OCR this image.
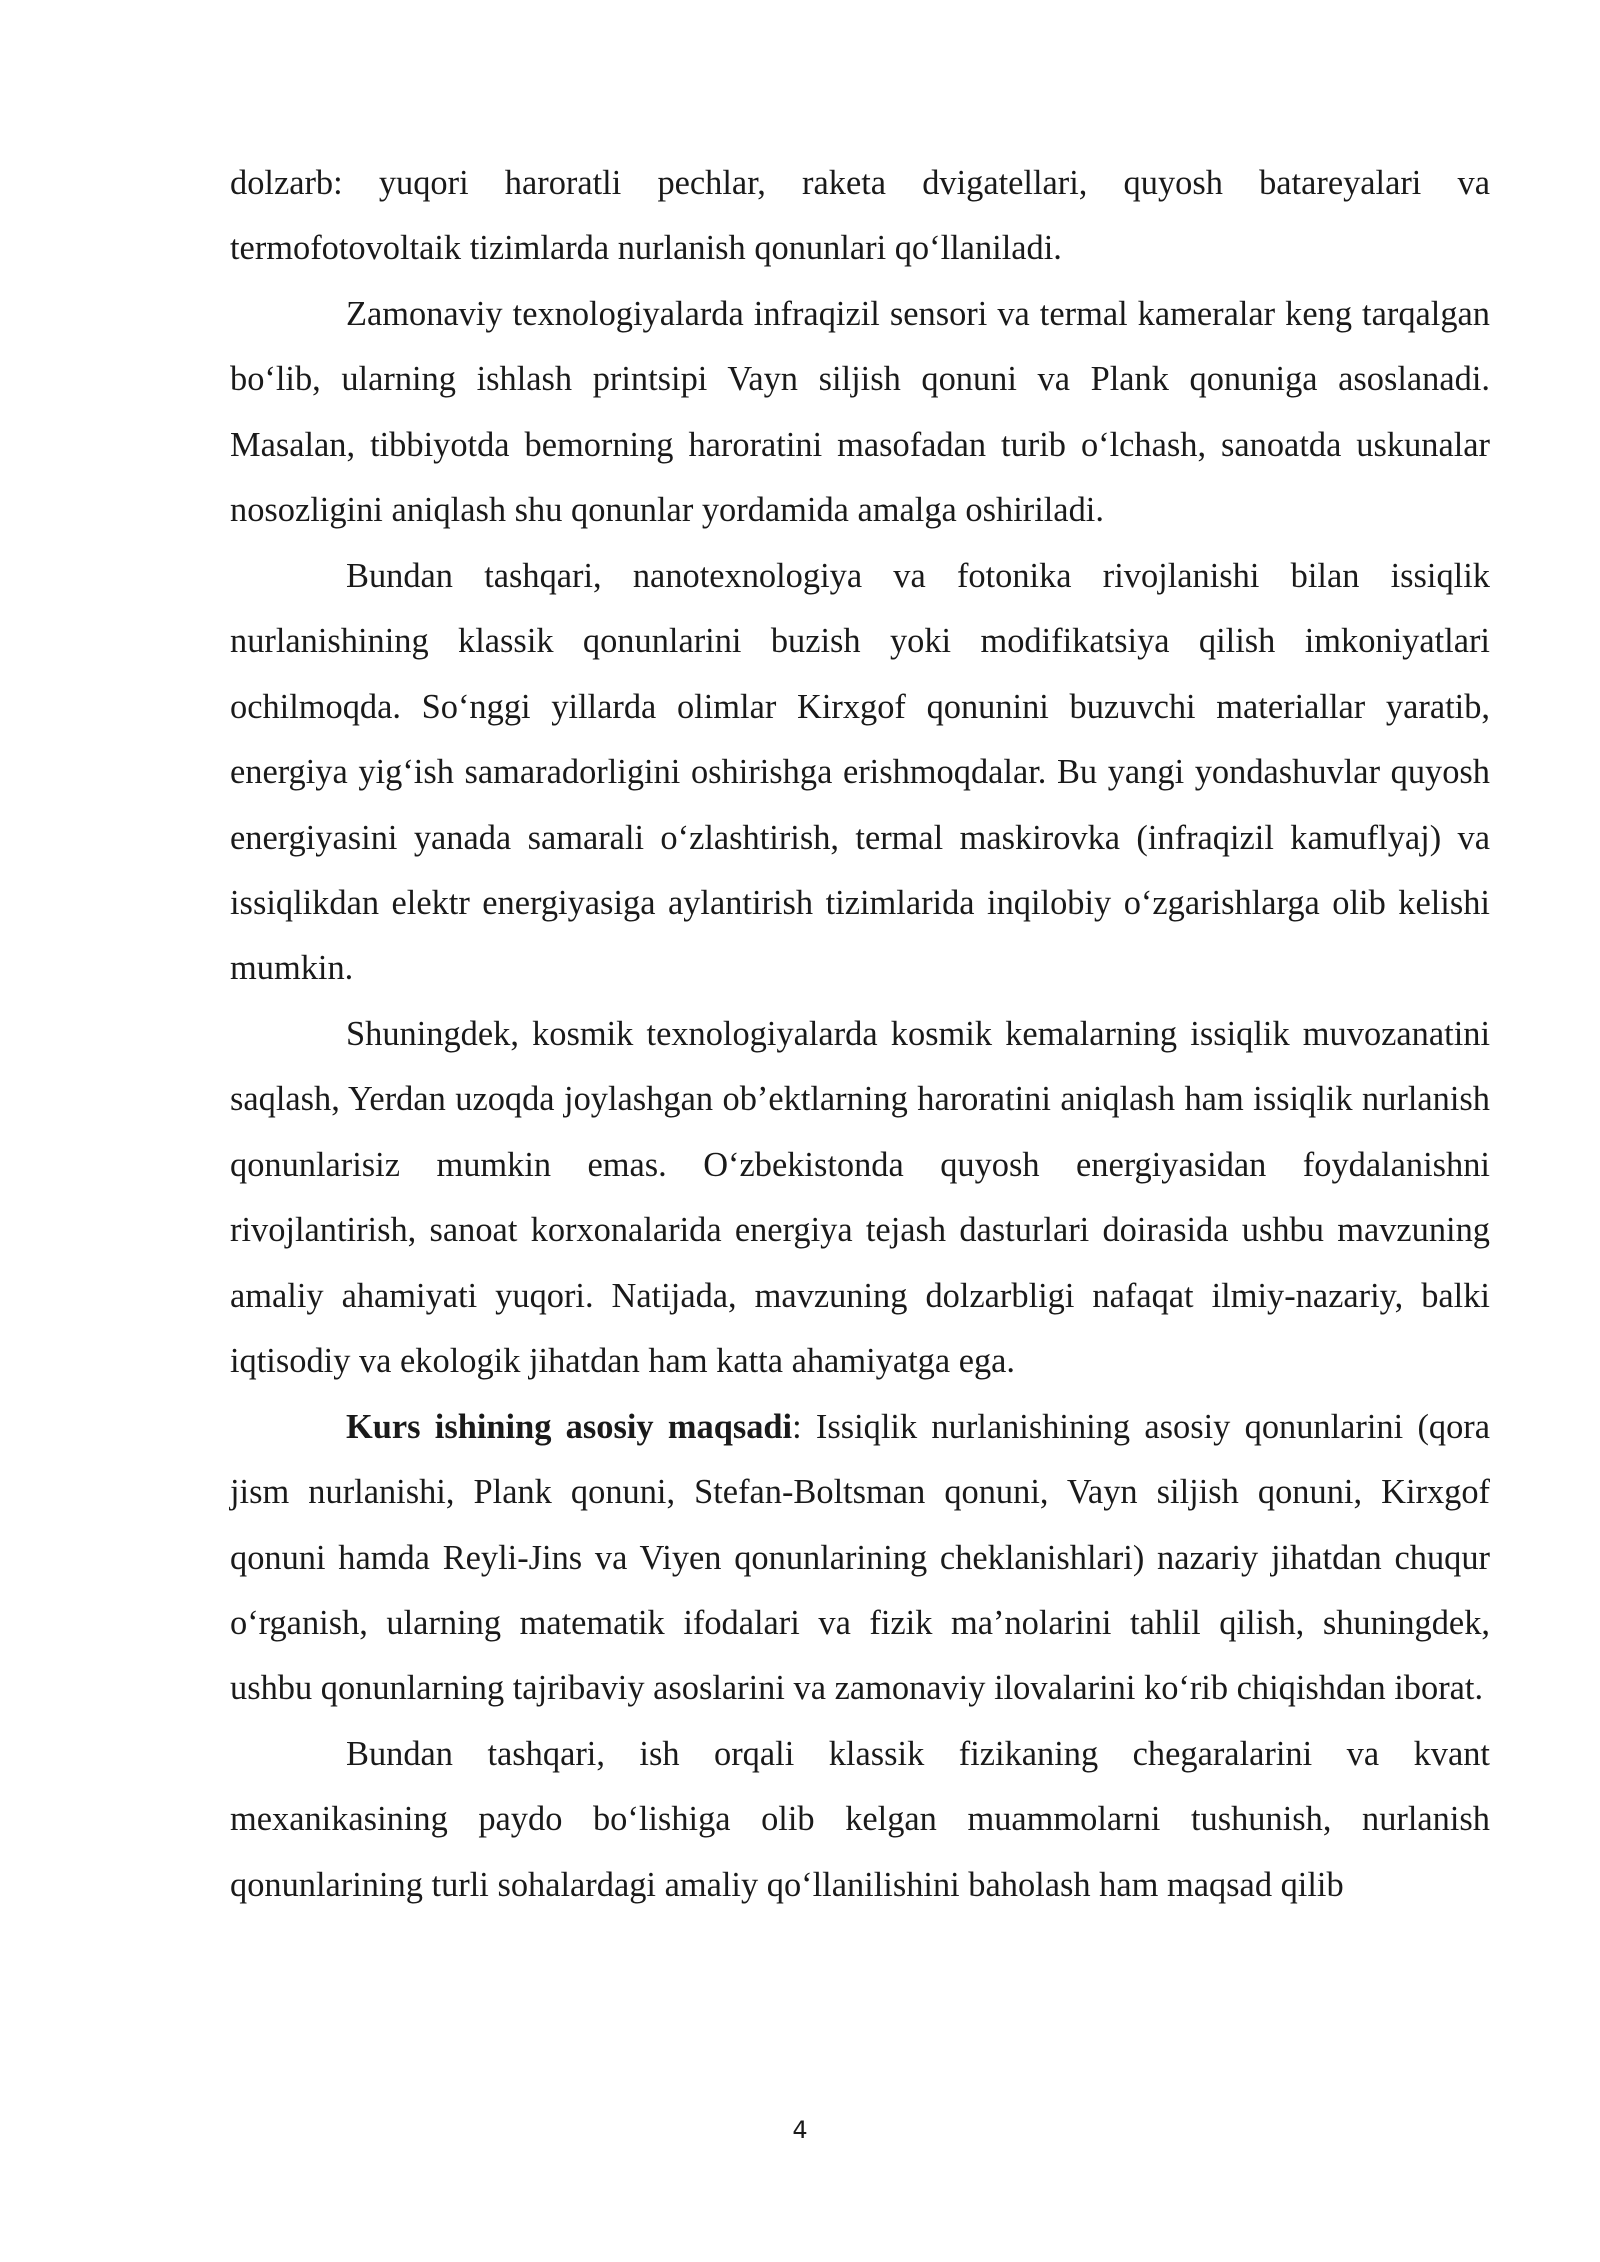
dolzarb: yuqori haroratli pechlar, raketa dvigatellari, quyosh batareyalari va termofotovoltaik tizimlarda nurlanish qonunlari qo‘llaniladi.

Zamonaviy texnologiyalarda infraqizil sensori va termal kameralar keng tarqalgan bo‘lib, ularning ishlash printsipi Vayn siljish qonuni va Plank qonuniga asoslanadi. Masalan, tibbiyotda bemorning haroratini masofadan turib o‘lchash, sanoatda uskunalar nosozligini aniqlash shu qonunlar yordamida amalga oshiriladi.

Bundan tashqari, nanotexnologiya va fotonika rivojlanishi bilan issiqlik nurlanishining klassik qonunlarini buzish yoki modifikatsiya qilish imkoniyatlari ochilmoqda. So‘nggi yillarda olimlar Kirxgof qonunini buzuvchi materiallar yaratib, energiya yig‘ish samaradorligini oshirishga erishmoqdalar. Bu yangi yondashuvlar quyosh energiyasini yanada samarali o‘zlashtirish, termal maskirovka (infraqizil kamuflyaj) va issiqlikdan elektr energiyasiga aylantirish tizimlarida inqilobiy o‘zgarishlarga olib kelishi mumkin.

Shuningdek, kosmik texnologiyalarda kosmik kemalarning issiqlik muvozanatini saqlash, Yerdan uzoqda joylashgan ob’ektlarning haroratini aniqlash ham issiqlik nurlanish qonunlarisiz mumkin emas. O‘zbekistonda quyosh energiyasidan foydalanishni rivojlantirish, sanoat korxonalarida energiya tejash dasturlari doirasida ushbu mavzuning amaliy ahamiyati yuqori. Natijada, mavzuning dolzarbligi nafaqat ilmiy-nazariy, balki iqtisodiy va ekologik jihatdan ham katta ahamiyatga ega.

Kurs ishining asosiy maqsadi: Issiqlik nurlanishining asosiy qonunlarini (qora jism nurlanishi, Plank qonuni, Stefan-Boltsman qonuni, Vayn siljish qonuni, Kirxgof qonuni hamda Reyli-Jins va Viyen qonunlarining cheklanishlari) nazariy jihatdan chuqur o‘rganish, ularning matematik ifodalari va fizik ma’nolarini tahlil qilish, shuningdek, ushbu qonunlarning tajribaviy asoslarini va zamonaviy ilovalarini ko‘rib chiqishdan iborat.

Bundan tashqari, ish orqali klassik fizikaning chegaralarini va kvant mexanikasining paydo bo‘lishiga olib kelgan muammolarni tushunish, nurlanish qonunlarining turli sohalardagi amaliy qo‘llanilishini baholash ham maqsad qilib

4
